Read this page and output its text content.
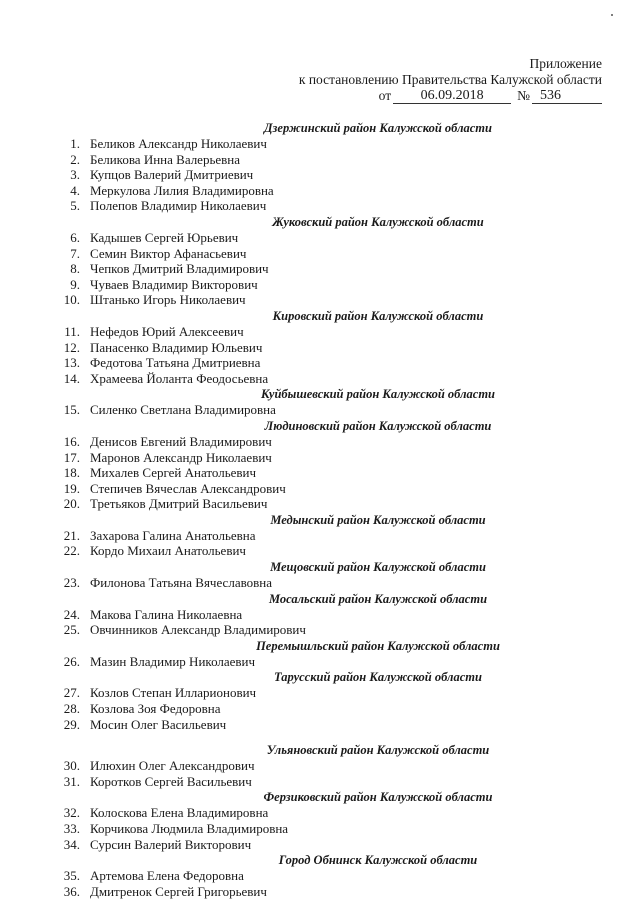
Приложение
к постановлению Правительства Калужской области
от	06.09.2018	№ 536
Дзержинский район Калужской области
1. Беликов Александр Николаевич
2. Беликова Инна Валерьевна
3. Купцов Валерий Дмитриевич
4. Меркулова Лилия Владимировна
5. Полепов Владимир Николаевич
Жуковский район Калужской области
6. Кадышев Сергей Юрьевич
7. Семин Виктор Афанасьевич
8. Чепков Дмитрий Владимирович
9. Чуваев Владимир Викторович
10. Штанько Игорь Николаевич
Кировский район Калужской области
11. Нефедов Юрий Алексеевич
12. Панасенко Владимир Юльевич
13. Федотова Татьяна Дмитриевна
14. Храмеева Йоланта Феодосьевна
Куйбышевский район Калужской области
15. Силенко Светлана Владимировна
Людиновский район Калужской области
16. Денисов Евгений Владимирович
17. Маронов Александр Николаевич
18. Михалев Сергей Анатольевич
19. Степичев Вячеслав Александрович
20. Третьяков Дмитрий Васильевич
Медынский район Калужской области
21. Захарова Галина Анатольевна
22. Кордо Михаил Анатольевич
Мещовский район Калужской области
23. Филонова Татьяна Вячеславовна
Мосальский район Калужской области
24. Макова Галина Николаевна
25. Овчинников Александр Владимирович
Перемышльский район Калужской области
26. Мазин Владимир Николаевич
Тарусский район Калужской области
27. Козлов Степан Илларионович
28. Козлова Зоя Федоровна
29. Мосин Олег Васильевич
Ульяновский район Калужской области
30. Илюхин Олег Александрович
31. Коротков Сергей Васильевич
Ферзиковский район Калужской области
32. Колоскова Елена Владимировна
33. Корчикова Людмила Владимировна
34. Сурсин Валерий Викторович
Город Обнинск Калужской области
35. Артемова Елена Федоровна
36. Дмитренок Сергей Григорьевич
